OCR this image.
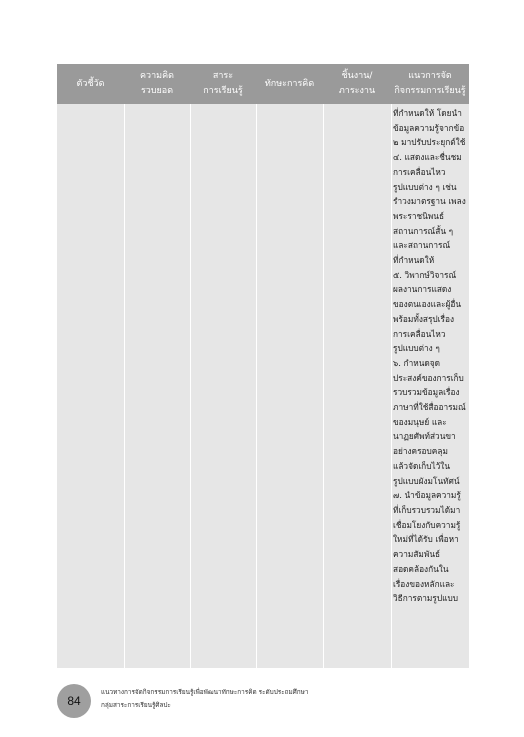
ตัวชี้วัด
ความคิด
รวบยอด
สาระ
การเรียนรู้
ทักษะการคิด
ชิ้นงาน/
ภาระงาน
แนวการจัด
กิจกรรมการเรียนรู้
ที่กำหนดให้ โดยนำ
ข้อมูลความรู้จากข้อ
๒ มาปรับประยุกต์ใช้
๔. แสดงและชื่นชม
การเคลื่อนไหว
รูปแบบต่าง ๆ เช่น
รำวงมาตรฐาน เพลง
พระราชนิพนธ์
สถานการณ์สั้น ๆ
และสถานการณ์
ที่กำหนดให้
๕. วิพากษ์วิจารณ์
ผลงานการแสดง
ของตนเองและผู้อื่น
พร้อมทั้งสรุปเรื่อง
การเคลื่อนไหว
รูปแบบต่าง ๆ
๖. กำหนดจุด
ประสงค์ของการเก็บ
รวบรวมข้อมูลเรื่อง
ภาษาที่ใช้สื่ออารมณ์
ของมนุษย์ และ
นาฏยศัพท์ส่วนขา
อย่างครอบคลุม
แล้วจัดเก็บไว้ใน
รูปแบบผังมโนทัศน์
๗. นำข้อมูลความรู้
ที่เก็บรวบรวมได้มา
เชื่อมโยงกับความรู้
ใหม่ที่ได้รับ เพื่อหา
ความสัมพันธ์
สอดคล้องกันใน
เรื่องของหลักและ
วิธีการตามรูปแบบ
84
แนวทางการจัดกิจกรรมการเรียนรู้เพื่อพัฒนาทักษะการคิด ระดับประถมศึกษา
กลุ่มสาระการเรียนรู้ศิลปะ
